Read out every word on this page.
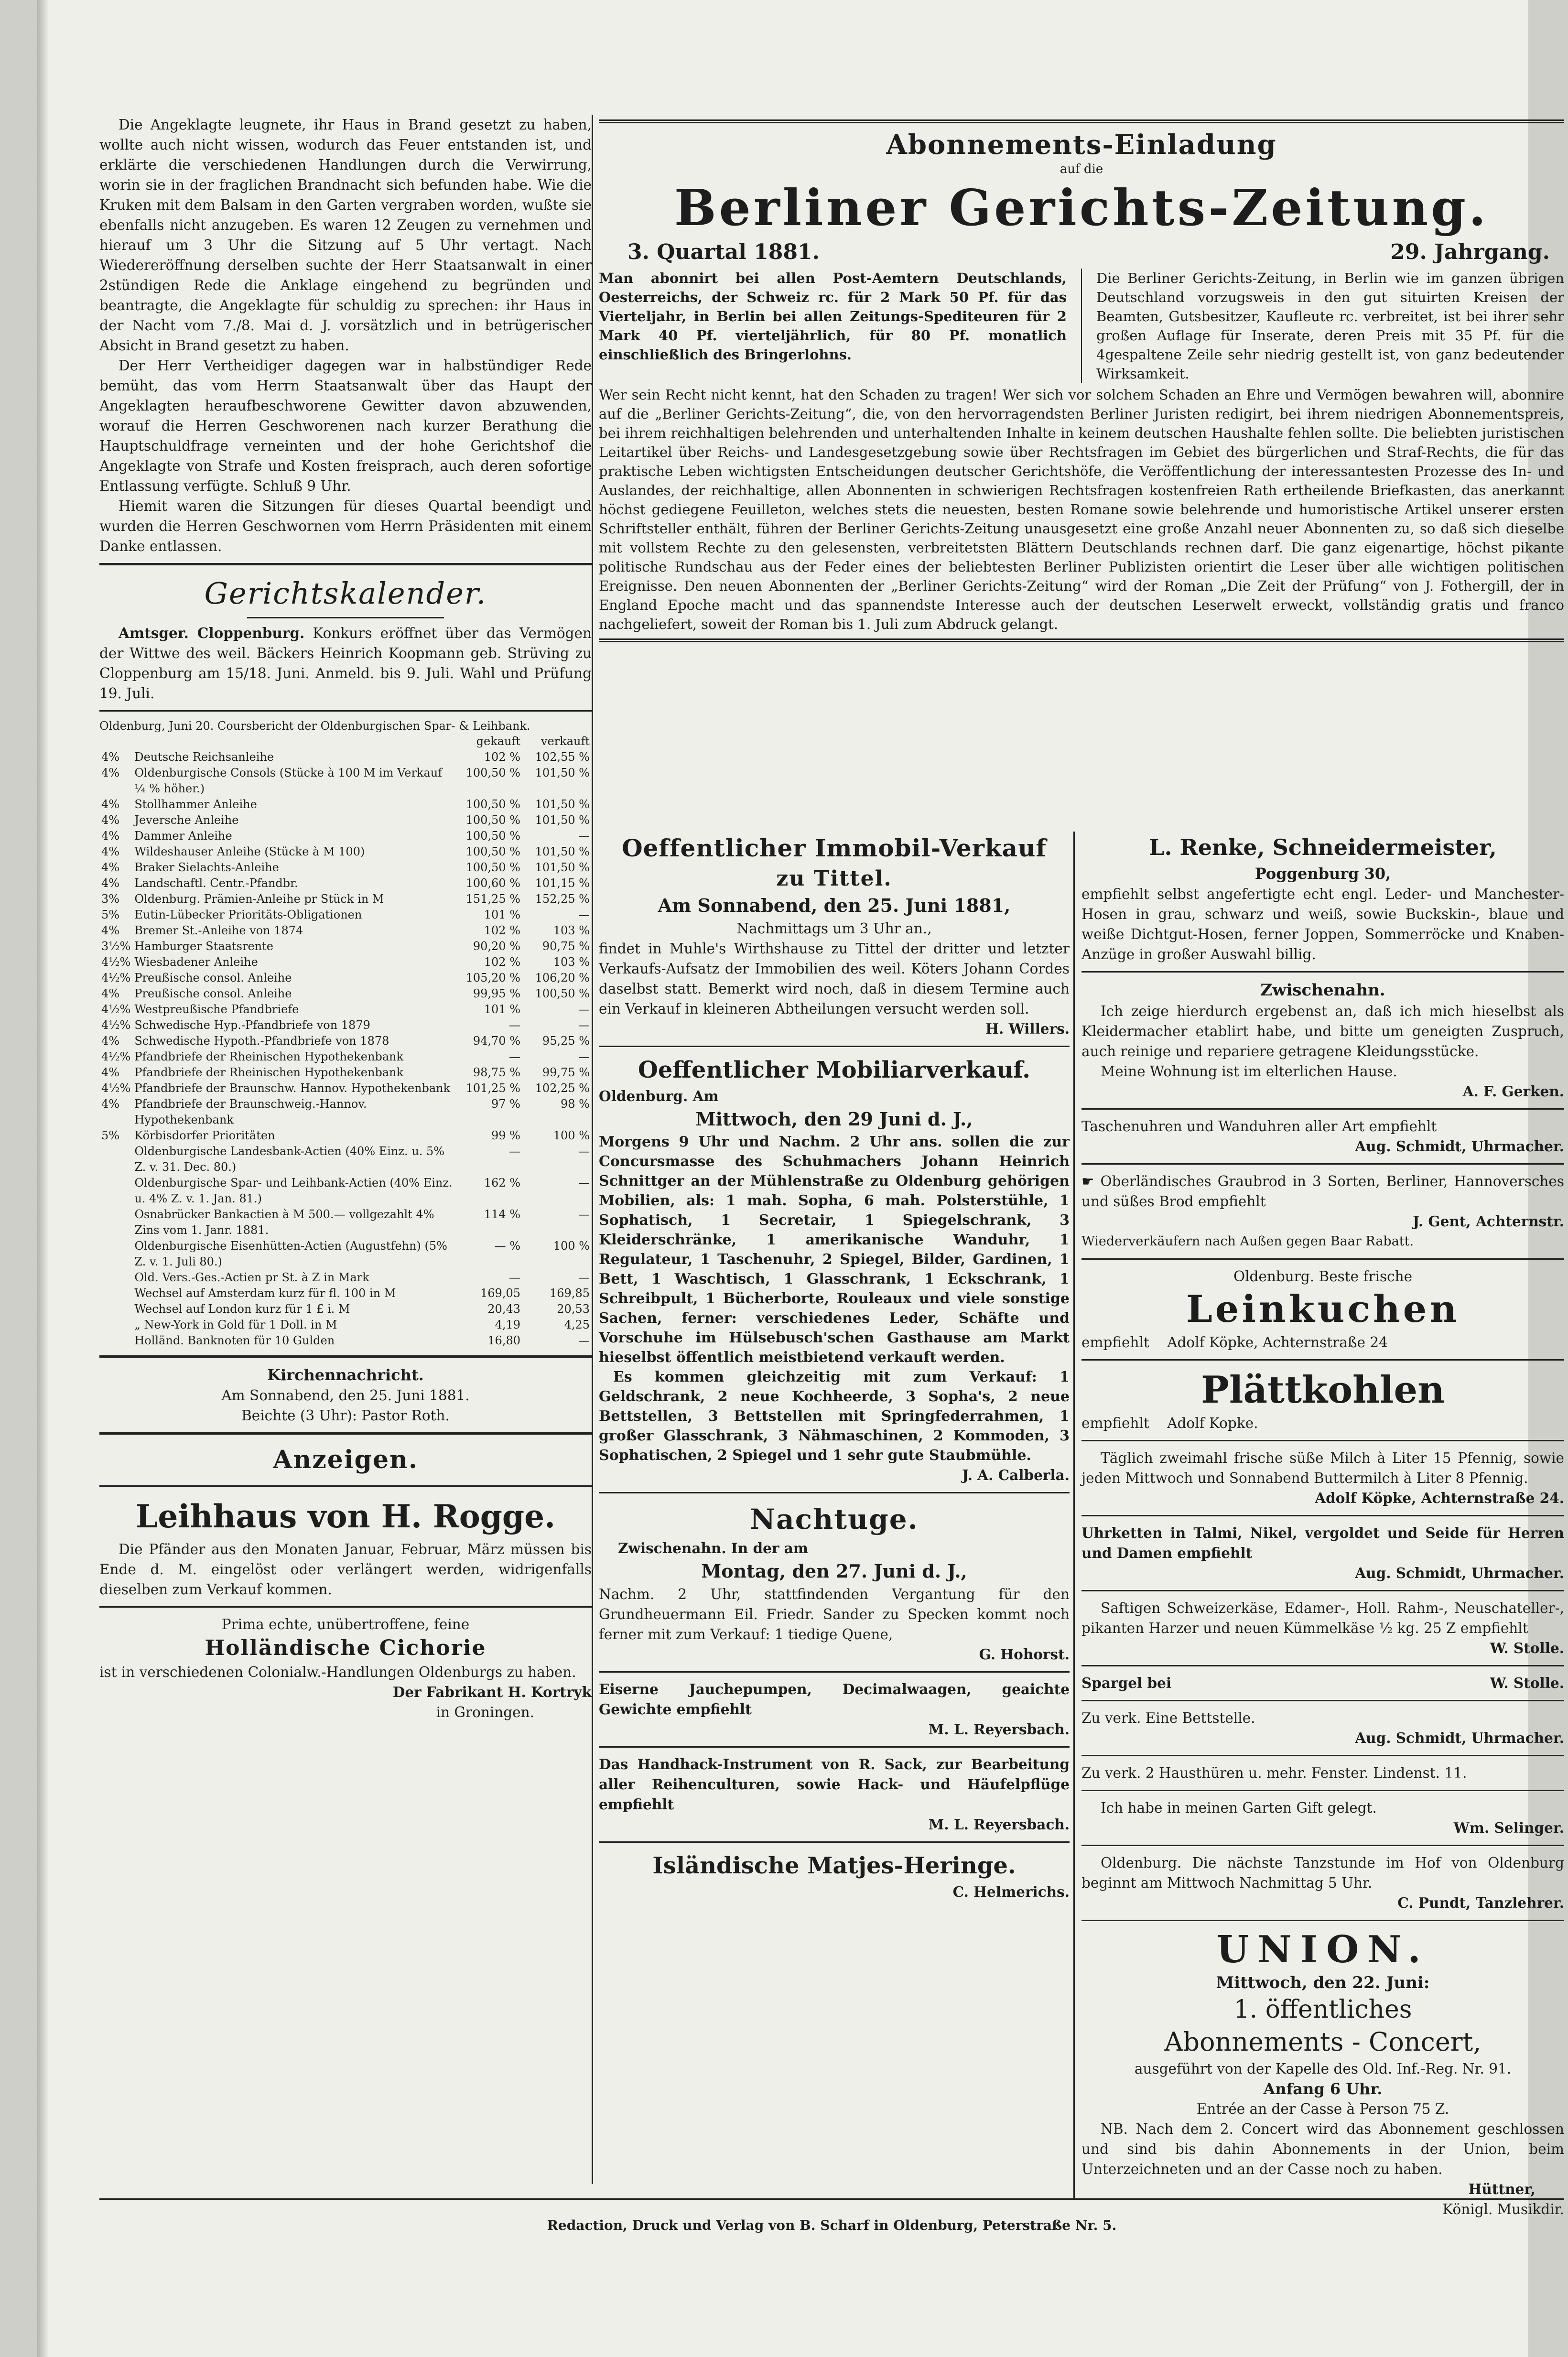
Die Angeklagte leugnete, ihr Haus in Brand gesetzt zu haben, wollte auch nicht wissen, wodurch das Feuer entstanden ist, und erklärte die verschiedenen Handlungen durch die Verwirrung, worin sie in der fraglichen Brandnacht sich befunden habe. Wie die Kruken mit dem Balsam in den Garten vergraben worden, wußte sie ebenfalls nicht anzugeben. Es waren 12 Zeugen zu vernehmen und hierauf um 3 Uhr die Sitzung auf 5 Uhr vertagt. Nach Wiedereröffnung derselben suchte der Herr Staatsanwalt in einer 2stündigen Rede die Anklage eingehend zu begründen und beantragte, die Angeklagte für schuldig zu sprechen: ihr Haus in der Nacht vom 7./8. Mai d. J. vorsätzlich und in betrügerischer Absicht in Brand gesetzt zu haben.

Der Herr Vertheidiger dagegen war in halbstündiger Rede bemüht, das vom Herrn Staatsanwalt über das Haupt der Angeklagten heraufbeschworene Gewitter davon abzuwenden, worauf die Herren Geschworenen nach kurzer Berathung die Hauptschuldfrage verneinten und der hohe Gerichtshof die Angeklagte von Strafe und Kosten freisprach, auch deren sofortige Entlassung verfügte. Schluß 9 Uhr.

Hiemit waren die Sitzungen für dieses Quartal beendigt und wurden die Herren Geschwornen vom Herrn Präsidenten mit einem Danke entlassen.

Gerichtskalender.

Amtsger. Cloppenburg. Konkurs eröffnet über das Vermögen der Wittwe des weil. Bäckers Heinrich Koopmann geb. Strüving zu Cloppenburg am 15/18. Juni. Anmeld. bis 9. Juli. Wahl und Prüfung 19. Juli.

Oldenburg, Juni 20. Coursbericht der Oldenburgischen Spar- & Leihbank.
		gekauft	verkauft
4%	Deutsche Reichsanleihe	102 %	102,55 %
4%	Oldenburgische Consols (Stücke à 100 M im Verkauf ¼ % höher.)	100,50 %	101,50 %
4%	Stollhammer Anleihe	100,50 %	101,50 %
4%	Jeversche Anleihe	100,50 %	101,50 %
4%	Dammer Anleihe	100,50 %	—
4%	Wildeshauser Anleihe (Stücke à M 100)	100,50 %	101,50 %
4%	Braker Sielachts-Anleihe	100,50 %	101,50 %
4%	Landschaftl. Centr.-Pfandbr.	100,60 %	101,15 %
3%	Oldenburg. Prämien-Anleihe pr Stück in M	151,25 %	152,25 %
5%	Eutin-Lübecker Prioritäts-Obligationen	101 %	—
4%	Bremer St.-Anleihe von 1874	102 %	103 %
3½%	Hamburger Staatsrente	90,20 %	90,75 %
4½%	Wiesbadener Anleihe	102 %	103 %
4½%	Preußische consol. Anleihe	105,20 %	106,20 %
4%	Preußische consol. Anleihe	99,95 %	100,50 %
4½%	Westpreußische Pfandbriefe	101 %	—
4½%	Schwedische Hyp.-Pfandbriefe von 1879	—	—
4%	Schwedische Hypoth.-Pfandbriefe von 1878	94,70 %	95,25 %
4½%	Pfandbriefe der Rheinischen Hypothekenbank	—	—
4%	Pfandbriefe der Rheinischen Hypothekenbank	98,75 %	99,75 %
4½%	Pfandbriefe der Braunschw. Hannov. Hypothekenbank	101,25 %	102,25 %
4%	Pfandbriefe der Braunschweig.-Hannov. Hypothekenbank	97 %	98 %
5%	Körbisdorfer Prioritäten	99 %	100 %
	Oldenburgische Landesbank-Actien (40% Einz. u. 5% Z. v. 31. Dec. 80.)	—	—
	Oldenburgische Spar- und Leihbank-Actien (40% Einz. u. 4% Z. v. 1. Jan. 81.)	162 %	—
	Osnabrücker Bankactien à M 500.— vollgezahlt 4% Zins vom 1. Janr. 1881.	114 %	—
	Oldenburgische Eisenhütten-Actien (Augustfehn) (5% Z. v. 1. Juli 80.)	— %	100 %
	Old. Vers.-Ges.-Actien pr St. à Z in Mark	—	—
	Wechsel auf Amsterdam kurz für fl. 100 in M	169,05	169,85
	Wechsel auf London kurz für 1 £ i. M	20,43	20,53
	„ New-York in Gold für 1 Doll. in M	4,19	4,25
	Holländ. Banknoten für 10 Gulden	16,80	—
Kirchennachricht.
Am Sonnabend, den 25. Juni 1881.
Beichte (3 Uhr): Pastor Roth.
Anzeigen.
Leihhaus von H. Rogge.

Die Pfänder aus den Monaten Januar, Februar, März müssen bis Ende d. M. eingelöst oder verlängert werden, widrigenfalls dieselben zum Verkauf kommen.

Prima echte, unübertroffene, feine
Holländische Cichorie

ist in verschiedenen Colonialw.-Handlungen Oldenburgs zu haben.

Der Fabrikant H. Kortryk
in Groningen.
Abonnements-Einladung
auf die
Berliner Gerichts-Zeitung.
3. Quartal 1881.	29. Jahrgang.

Man abonnirt bei allen Post-Aemtern Deutschlands, Oesterreichs, der Schweiz rc. für 2 Mark 50 Pf. für das Vierteljahr, in Berlin bei allen Zeitungs-Spediteuren für 2 Mark 40 Pf. vierteljährlich, für 80 Pf. monatlich einschließlich des Bringerlohns.

Die Berliner Gerichts-Zeitung, in Berlin wie im ganzen übrigen Deutschland vorzugsweis in den gut situirten Kreisen der Beamten, Gutsbesitzer, Kaufleute rc. verbreitet, ist bei ihrer sehr großen Auflage für Inserate, deren Preis mit 35 Pf. für die 4gespaltene Zeile sehr niedrig gestellt ist, von ganz bedeutender Wirksamkeit.

Wer sein Recht nicht kennt, hat den Schaden zu tragen! Wer sich vor solchem Schaden an Ehre und Vermögen bewahren will, abonnire auf die „Berliner Gerichts-Zeitung“, die, von den hervorragendsten Berliner Juristen redigirt, bei ihrem niedrigen Abonnementspreis, bei ihrem reichhaltigen belehrenden und unterhaltenden Inhalte in keinem deutschen Haushalte fehlen sollte. Die beliebten juristischen Leitartikel über Reichs- und Landesgesetzgebung sowie über Rechtsfragen im Gebiet des bürgerlichen und Straf-Rechts, die für das praktische Leben wichtigsten Entscheidungen deutscher Gerichtshöfe, die Veröffentlichung der interessantesten Prozesse des In- und Auslandes, der reichhaltige, allen Abonnenten in schwierigen Rechtsfragen kostenfreien Rath ertheilende Briefkasten, das anerkannt höchst gediegene Feuilleton, welches stets die neuesten, besten Romane sowie belehrende und humoristische Artikel unserer ersten Schriftsteller enthält, führen der Berliner Gerichts-Zeitung unausgesetzt eine große Anzahl neuer Abonnenten zu, so daß sich dieselbe mit vollstem Rechte zu den gelesensten, verbreitetsten Blättern Deutschlands rechnen darf. Die ganz eigenartige, höchst pikante politische Rundschau aus der Feder eines der beliebtesten Berliner Publizisten orientirt die Leser über alle wichtigen politischen Ereignisse. Den neuen Abonnenten der „Berliner Gerichts-Zeitung“ wird der Roman „Die Zeit der Prüfung“ von J. Fothergill, der in England Epoche macht und das spannendste Interesse auch der deutschen Leserwelt erweckt, vollständig gratis und franco nachgeliefert, soweit der Roman bis 1. Juli zum Abdruck gelangt.

Oeffentlicher Immobil-Verkauf
zu Tittel.
Am Sonnabend, den 25. Juni 1881,
Nachmittags um 3 Uhr an.,

findet in Muhle's Wirthshause zu Tittel der dritter und letzter Verkaufs-Aufsatz der Immobilien des weil. Köters Johann Cordes daselbst statt. Bemerkt wird noch, daß in diesem Termine auch ein Verkauf in kleineren Abtheilungen versucht werden soll.

H. Willers.
Oeffentlicher Mobiliarverkauf.
Oldenburg. Am
Mittwoch, den 29 Juni d. J.,

Morgens 9 Uhr und Nachm. 2 Uhr ans. sollen die zur Concursmasse des Schuhmachers Johann Heinrich Schnittger an der Mühlenstraße zu Oldenburg gehörigen Mobilien, als: 1 mah. Sopha, 6 mah. Polsterstühle, 1 Sophatisch, 1 Secretair, 1 Spiegelschrank, 3 Kleiderschränke, 1 amerikanische Wanduhr, 1 Regulateur, 1 Taschenuhr, 2 Spiegel, Bilder, Gardinen, 1 Bett, 1 Waschtisch, 1 Glasschrank, 1 Eckschrank, 1 Schreibpult, 1 Bücherborte, Rouleaux und viele sonstige Sachen, ferner: verschiedenes Leder, Schäfte und Vorschuhe im Hülsebusch'schen Gasthause am Markt hieselbst öffentlich meistbietend verkauft werden.

Es kommen gleichzeitig mit zum Verkauf: 1 Geldschrank, 2 neue Kochheerde, 3 Sopha's, 2 neue Bettstellen, 3 Bettstellen mit Springfederrahmen, 1 großer Glasschrank, 3 Nähmaschinen, 2 Kommoden, 3 Sophatischen, 2 Spiegel und 1 sehr gute Staubmühle.

J. A. Calberla.
Nachtuge.
Zwischenahn. In der am
Montag, den 27. Juni d. J.,

Nachm. 2 Uhr, stattfindenden Vergantung für den Grundheuermann Eil. Friedr. Sander zu Specken kommt noch ferner mit zum Verkauf: 1 tiedige Quene,

G. Hohorst.

Eiserne Jauchepumpen, Decimalwaagen, geaichte Gewichte empfiehlt

M. L. Reyersbach.

Das Handhack-Instrument von R. Sack, zur Bearbeitung aller Reihenculturen, sowie Hack- und Häufelpflüge empfiehlt

M. L. Reyersbach.
Isländische Matjes-Heringe.
C. Helmerichs.
L. Renke, Schneidermeister,
Poggenburg 30,

empfiehlt selbst angefertigte echt engl. Leder- und Manchester-Hosen in grau, schwarz und weiß, sowie Buckskin-, blaue und weiße Dichtgut-Hosen, ferner Joppen, Sommerröcke und Knaben-Anzüge in großer Auswahl billig.

Zwischenahn.

Ich zeige hierdurch ergebenst an, daß ich mich hieselbst als Kleidermacher etablirt habe, und bitte um geneigten Zuspruch, auch reinige und repariere getragene Kleidungsstücke.

Meine Wohnung ist im elterlichen Hause.

A. F. Gerken.

Taschenuhren und Wanduhren aller Art empfiehlt

Aug. Schmidt, Uhrmacher.

☛ Oberländisches Graubrod in 3 Sorten, Berliner, Hannoversches und süßes Brod empfiehlt

J. Gent, Achternstr.
Wiederverkäufern nach Außen gegen Baar Rabatt.
Oldenburg. Beste frische
Leinkuchen
empfiehlt    Adolf Köpke, Achternstraße 24
Plättkohlen
empfiehlt    Adolf Kopke.

Täglich zweimahl frische süße Milch à Liter 15 Pfennig, sowie jeden Mittwoch und Sonnabend Buttermilch à Liter 8 Pfennig.

Adolf Köpke, Achternstraße 24.

Uhrketten in Talmi, Nikel, vergoldet und Seide für Herren und Damen empfiehlt

Aug. Schmidt, Uhrmacher.

Saftigen Schweizerkäse, Edamer-, Holl. Rahm-, Neuschateller-, pikanten Harzer und neuen Kümmelkäse ½ kg. 25 Z empfiehlt

W. Stolle.
Spargel bei	W. Stolle.

Zu verk. Eine Bettstelle.

Aug. Schmidt, Uhrmacher.

Zu verk. 2 Hausthüren u. mehr. Fenster. Lindenst. 11.

Ich habe in meinen Garten Gift gelegt.

Wm. Selinger.

Oldenburg. Die nächste Tanzstunde im Hof von Oldenburg beginnt am Mittwoch Nachmittag 5 Uhr.

C. Pundt, Tanzlehrer.
UNION.
Mittwoch, den 22. Juni:
1. öffentliches
Abonnements - Concert,
ausgeführt von der Kapelle des Old. Inf.-Reg. Nr. 91.
Anfang 6 Uhr.
Entrée an der Casse à Person 75 Z.

NB. Nach dem 2. Concert wird das Abonnement geschlossen und sind bis dahin Abonnements in der Union, beim Unterzeichneten und an der Casse noch zu haben.

Hüttner,
Königl. Musikdir.
Redaction, Druck und Verlag von B. Scharf in Oldenburg, Peterstraße Nr. 5.
